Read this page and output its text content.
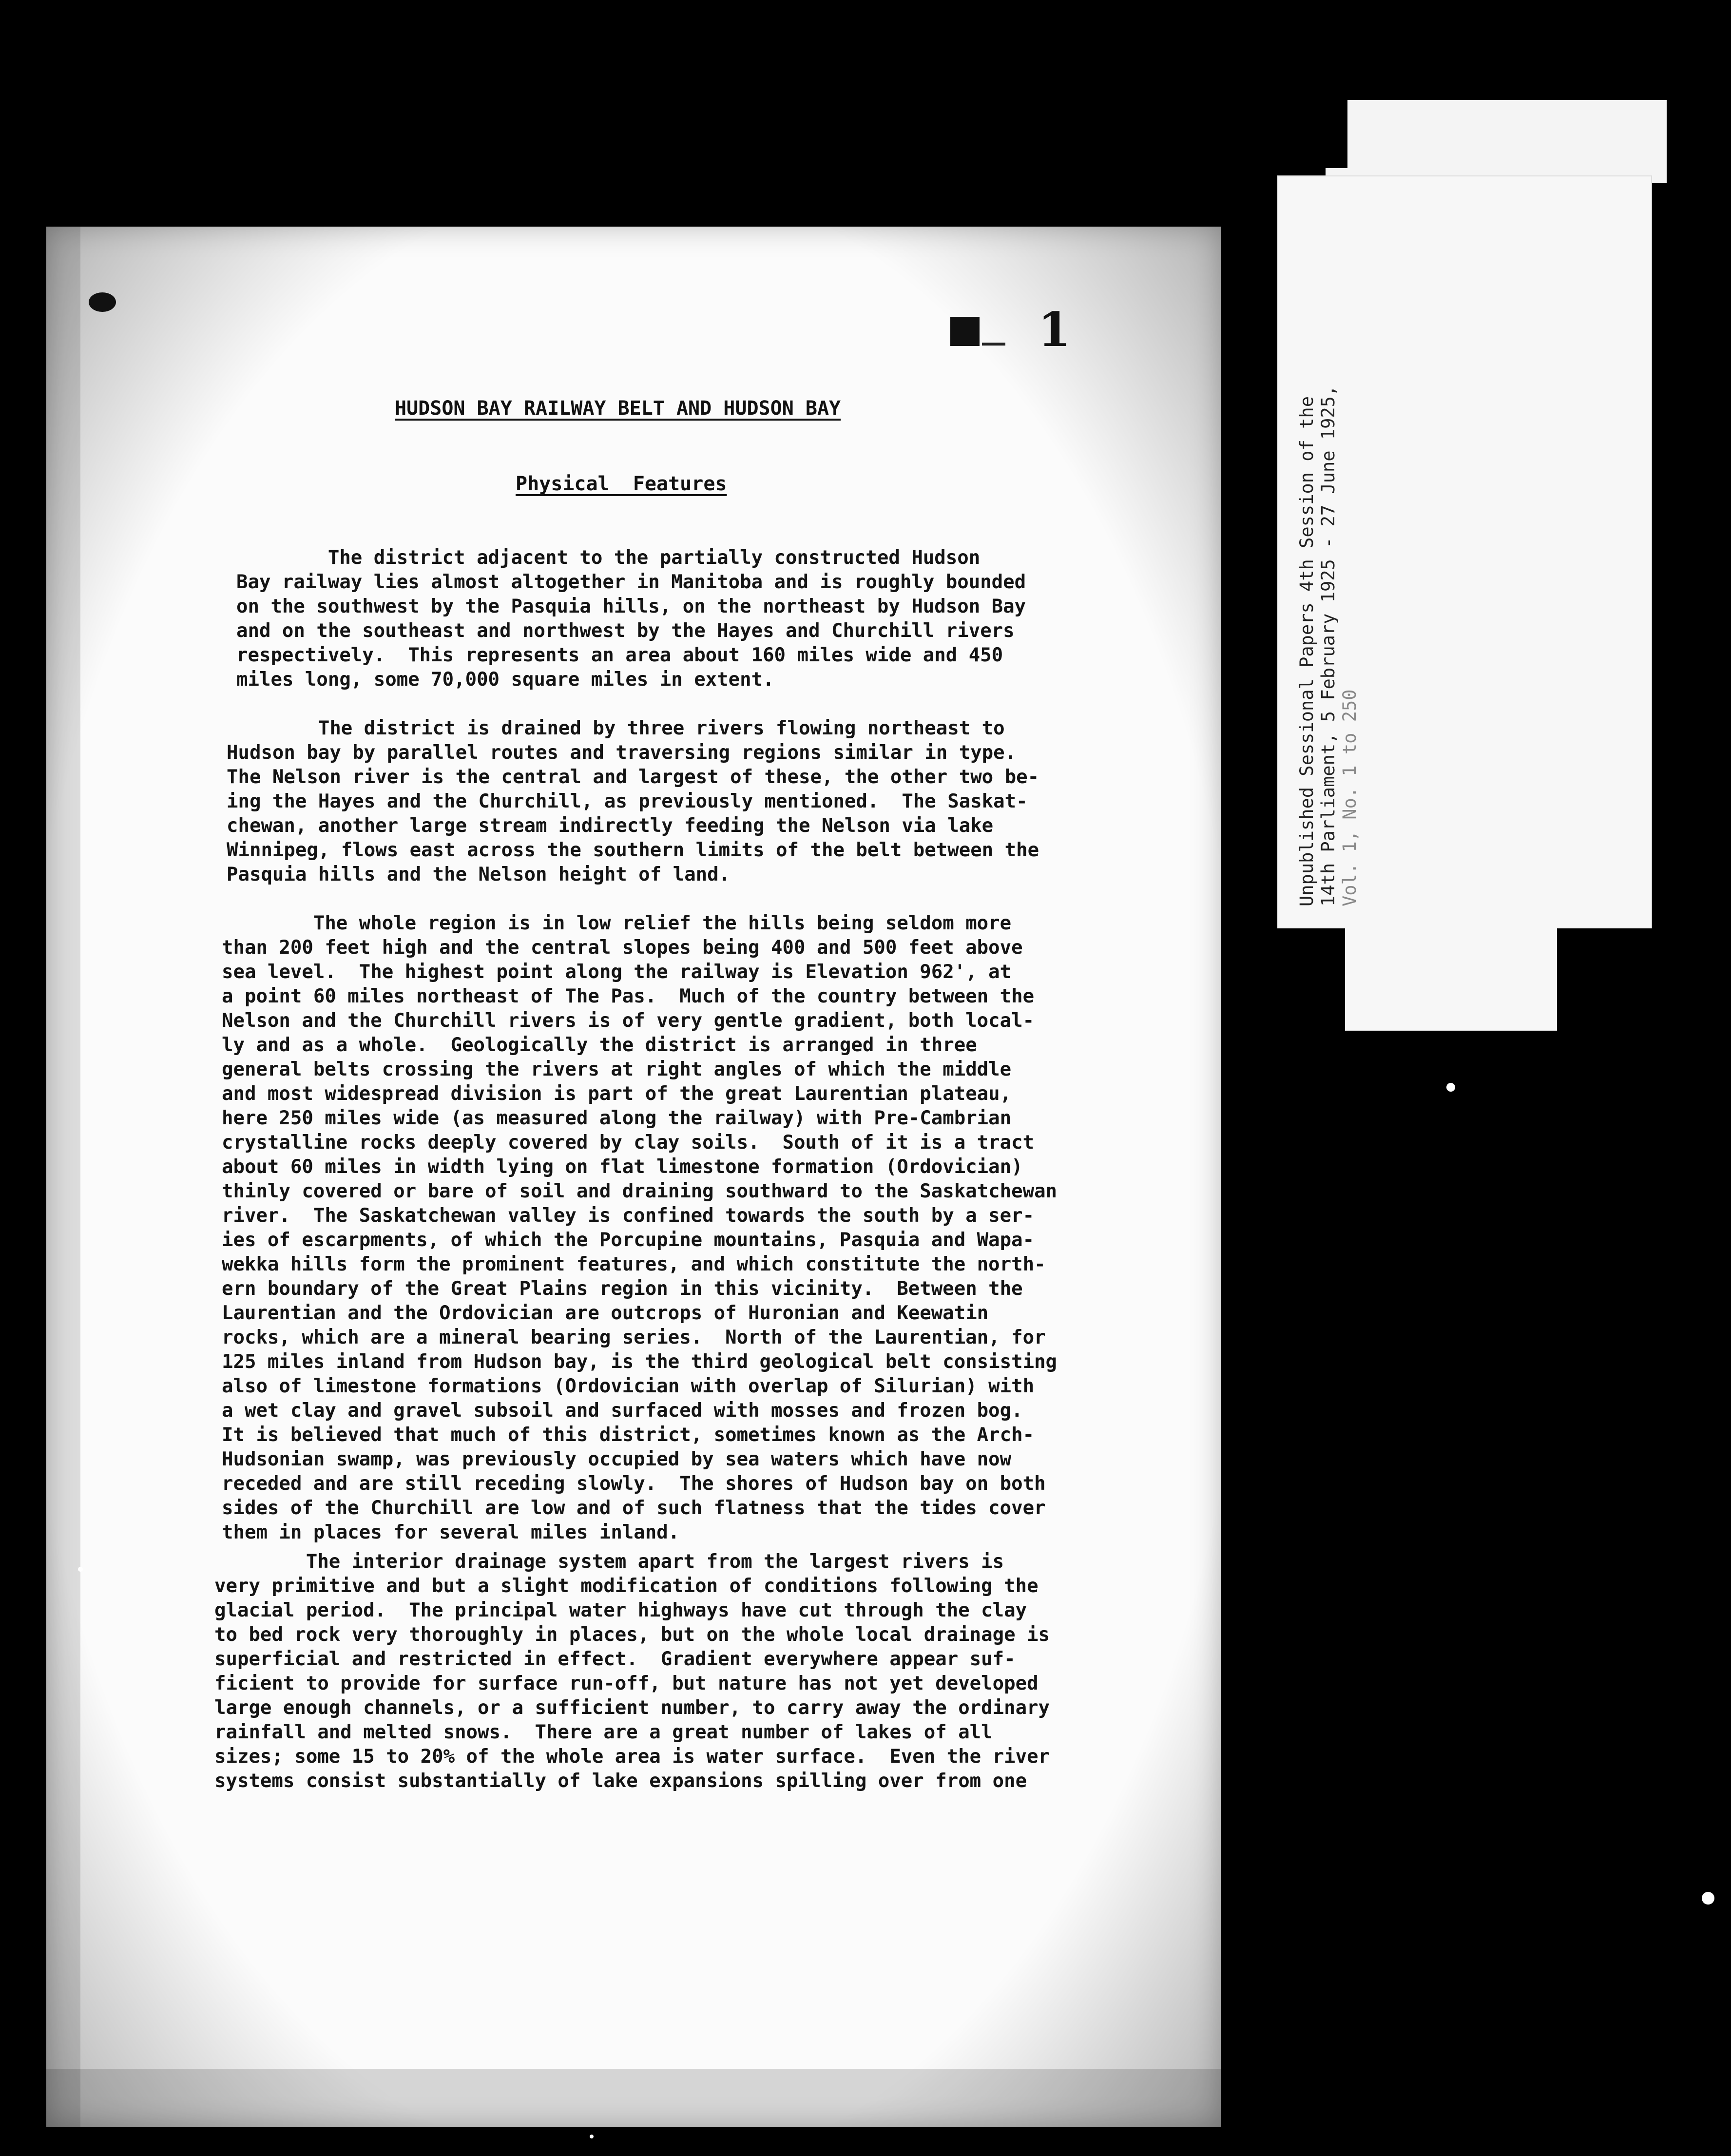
1
HUDSON BAY RAILWAY BELT AND HUDSON BAY
Physical  Features

The district adjacent to the partially constructed Hudson
Bay railway lies almost altogether in Manitoba and is roughly bounded
on the southwest by the Pasquia hills, on the northeast by Hudson Bay
and on the southeast and northwest by the Hayes and Churchill rivers
respectively.  This represents an area about 160 miles wide and 450
miles long, some 70,000 square miles in extent.

The district is drained by three rivers flowing northeast to
Hudson bay by parallel routes and traversing regions similar in type.
The Nelson river is the central and largest of these, the other two be-
ing the Hayes and the Churchill, as previously mentioned.  The Saskat-
chewan, another large stream indirectly feeding the Nelson via lake
Winnipeg, flows east across the southern limits of the belt between the
Pasquia hills and the Nelson height of land.

The whole region is in low relief the hills being seldom more
than 200 feet high and the central slopes being 400 and 500 feet above
sea level.  The highest point along the railway is Elevation 962', at
a point 60 miles northeast of The Pas.  Much of the country between the
Nelson and the Churchill rivers is of very gentle gradient, both local-
ly and as a whole.  Geologically the district is arranged in three
general belts crossing the rivers at right angles of which the middle
and most widespread division is part of the great Laurentian plateau,
here 250 miles wide (as measured along the railway) with Pre-Cambrian
crystalline rocks deeply covered by clay soils.  South of it is a tract
about 60 miles in width lying on flat limestone formation (Ordovician)
thinly covered or bare of soil and draining southward to the Saskatchewan
river.  The Saskatchewan valley is confined towards the south by a ser-
ies of escarpments, of which the Porcupine mountains, Pasquia and Wapa-
wekka hills form the prominent features, and which constitute the north-
ern boundary of the Great Plains region in this vicinity.  Between the
Laurentian and the Ordovician are outcrops of Huronian and Keewatin
rocks, which are a mineral bearing series.  North of the Laurentian, for
125 miles inland from Hudson bay, is the third geological belt consisting
also of limestone formations (Ordovician with overlap of Silurian) with
a wet clay and gravel subsoil and surfaced with mosses and frozen bog.
It is believed that much of this district, sometimes known as the Arch-
Hudsonian swamp, was previously occupied by sea waters which have now
receded and are still receding slowly.  The shores of Hudson bay on both
sides of the Churchill are low and of such flatness that the tides cover
them in places for several miles inland.

The interior drainage system apart from the largest rivers is
very primitive and but a slight modification of conditions following the
glacial period.  The principal water highways have cut through the clay
to bed rock very thoroughly in places, but on the whole local drainage is
superficial and restricted in effect.  Gradient everywhere appear suf-
ficient to provide for surface run-off, but nature has not yet developed
large enough channels, or a sufficient number, to carry away the ordinary
rainfall and melted snows.  There are a great number of lakes of all
sizes; some 15 to 20% of the whole area is water surface.  Even the river
systems consist substantially of lake expansions spilling over from one

Unpublished Sessional Papers 4th Session of the
14th Parliament, 5 February 1925 - 27 June 1925,
Vol. 1, No. 1 to 250
